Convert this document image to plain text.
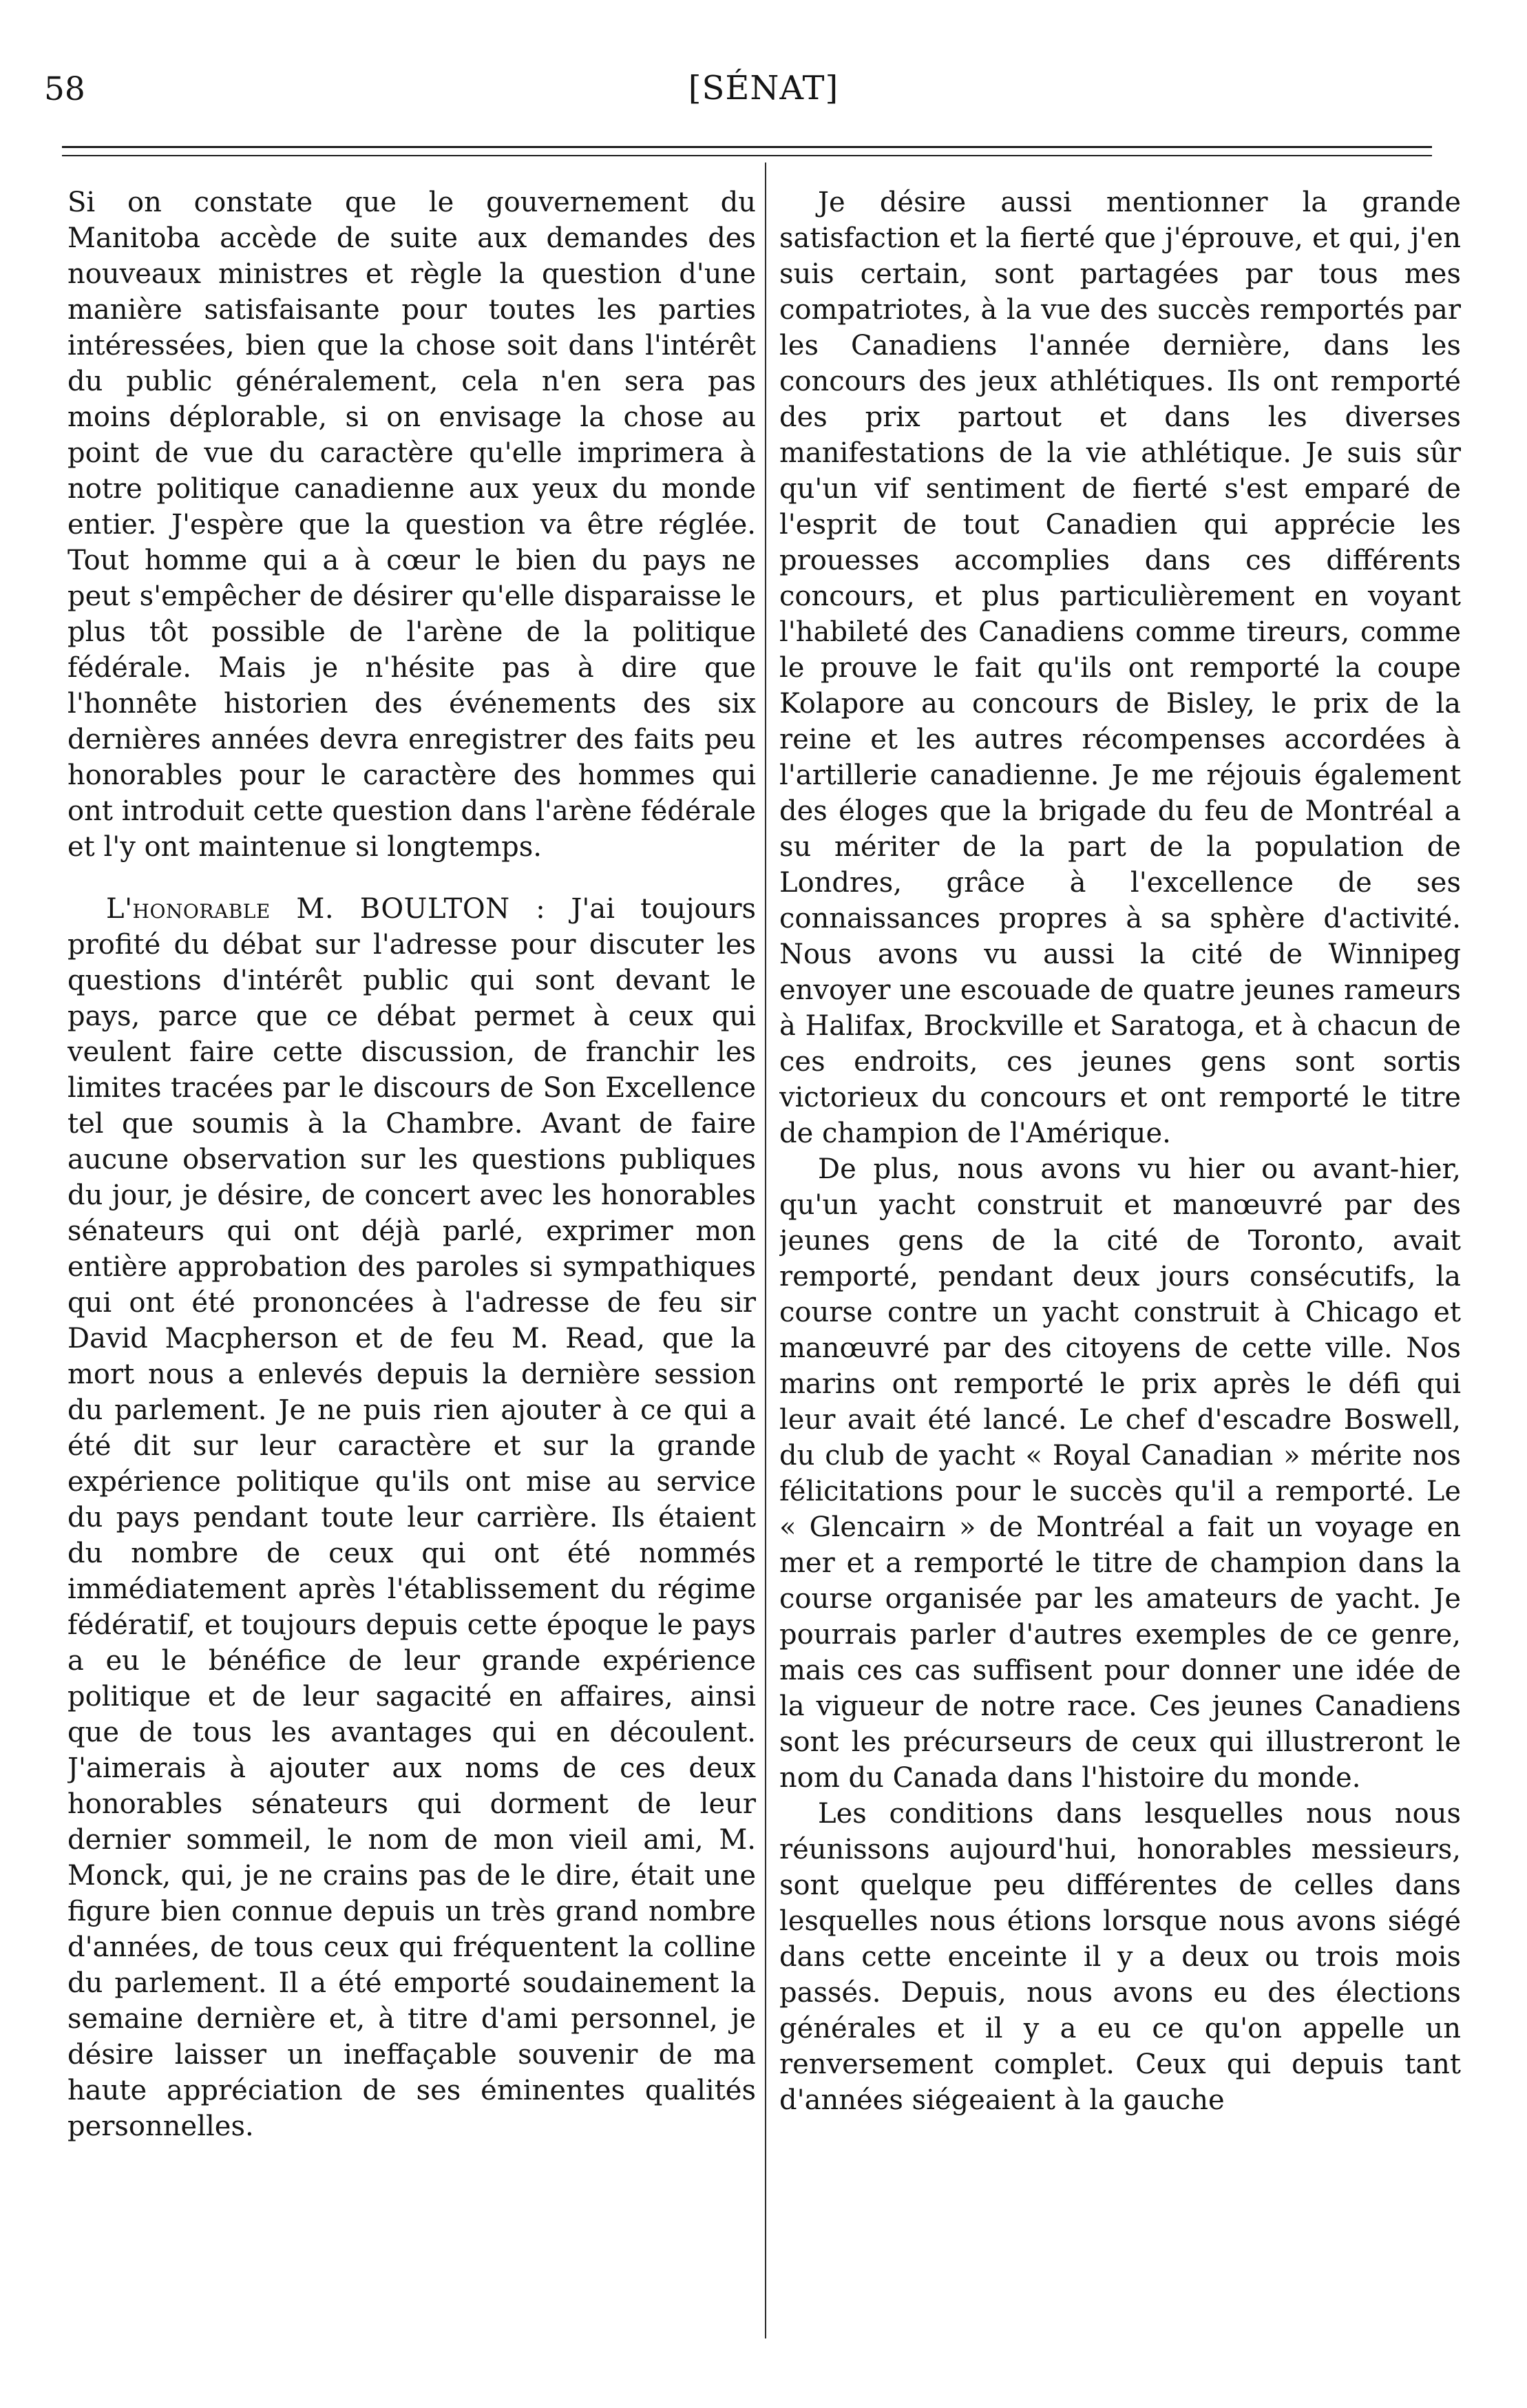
58	[SÉNAT]

Si on constate que le gouvernement du Manitoba accède de suite aux demandes des nouveaux ministres et règle la question d'une manière satisfaisante pour toutes les parties intéressées, bien que la chose soit dans l'intérêt du public généralement, cela n'en sera pas moins déplorable, si on envisage la chose au point de vue du caractère qu'elle imprimera à notre politique canadienne aux yeux du monde entier. J'espère que la question va être réglée. Tout homme qui a à cœur le bien du pays ne peut s'empêcher de désirer qu'elle disparaisse le plus tôt possible de l'arène de la politique fédérale. Mais je n'hésite pas à dire que l'honnête historien des événements des six dernières années devra enregistrer des faits peu honorables pour le caractère des hommes qui ont introduit cette question dans l'arène fédérale et l'y ont maintenue si longtemps.

L'honorable M. BOULTON : J'ai toujours profité du débat sur l'adresse pour discuter les questions d'intérêt public qui sont devant le pays, parce que ce débat permet à ceux qui veulent faire cette discussion, de franchir les limites tracées par le discours de Son Excellence tel que soumis à la Chambre. Avant de faire aucune observation sur les questions publiques du jour, je désire, de concert avec les honorables sénateurs qui ont déjà parlé, exprimer mon entière approbation des paroles si sympathiques qui ont été prononcées à l'adresse de feu sir David Macpherson et de feu M. Read, que la mort nous a enlevés depuis la dernière session du parlement. Je ne puis rien ajouter à ce qui a été dit sur leur caractère et sur la grande expérience politique qu'ils ont mise au service du pays pendant toute leur carrière. Ils étaient du nombre de ceux qui ont été nommés immédiatement après l'établissement du régime fédératif, et toujours depuis cette époque le pays a eu le bénéfice de leur grande expérience politique et de leur sagacité en affaires, ainsi que de tous les avantages qui en découlent. J'aimerais à ajouter aux noms de ces deux honorables sénateurs qui dorment de leur dernier sommeil, le nom de mon vieil ami, M. Monck, qui, je ne crains pas de le dire, était une figure bien connue depuis un très grand nombre d'années, de tous ceux qui fréquentent la colline du parlement. Il a été emporté soudainement la semaine dernière et, à titre d'ami personnel, je désire laisser un ineffaçable souvenir de ma haute appréciation de ses éminentes qualités personnelles.

Je désire aussi mentionner la grande satisfaction et la fierté que j'éprouve, et qui, j'en suis certain, sont partagées par tous mes compatriotes, à la vue des succès remportés par les Canadiens l'année dernière, dans les concours des jeux athlétiques. Ils ont remporté des prix partout et dans les diverses manifestations de la vie athlétique. Je suis sûr qu'un vif sentiment de fierté s'est emparé de l'esprit de tout Canadien qui apprécie les prouesses accomplies dans ces différents concours, et plus particulièrement en voyant l'habileté des Canadiens comme tireurs, comme le prouve le fait qu'ils ont remporté la coupe Kolapore au concours de Bisley, le prix de la reine et les autres récompenses accordées à l'artillerie canadienne. Je me réjouis également des éloges que la brigade du feu de Montréal a su mériter de la part de la population de Londres, grâce à l'excellence de ses connaissances propres à sa sphère d'activité. Nous avons vu aussi la cité de Winnipeg envoyer une escouade de quatre jeunes rameurs à Halifax, Brockville et Saratoga, et à chacun de ces endroits, ces jeunes gens sont sortis victorieux du concours et ont remporté le titre de champion de l'Amérique.

De plus, nous avons vu hier ou avant-hier, qu'un yacht construit et manœuvré par des jeunes gens de la cité de Toronto, avait remporté, pendant deux jours consécutifs, la course contre un yacht construit à Chicago et manœuvré par des citoyens de cette ville. Nos marins ont remporté le prix après le défi qui leur avait été lancé. Le chef d'escadre Boswell, du club de yacht « Royal Canadian » mérite nos félicitations pour le succès qu'il a remporté. Le « Glencairn » de Montréal a fait un voyage en mer et a remporté le titre de champion dans la course organisée par les amateurs de yacht. Je pourrais parler d'autres exemples de ce genre, mais ces cas suffisent pour donner une idée de la vigueur de notre race. Ces jeunes Canadiens sont les précurseurs de ceux qui illustreront le nom du Canada dans l'histoire du monde.

Les conditions dans lesquelles nous nous réunissons aujourd'hui, honorables messieurs, sont quelque peu différentes de celles dans lesquelles nous étions lorsque nous avons siégé dans cette enceinte il y a deux ou trois mois passés. Depuis, nous avons eu des élections générales et il y a eu ce qu'on appelle un renversement complet. Ceux qui depuis tant d'années siégeaient à la gauche
